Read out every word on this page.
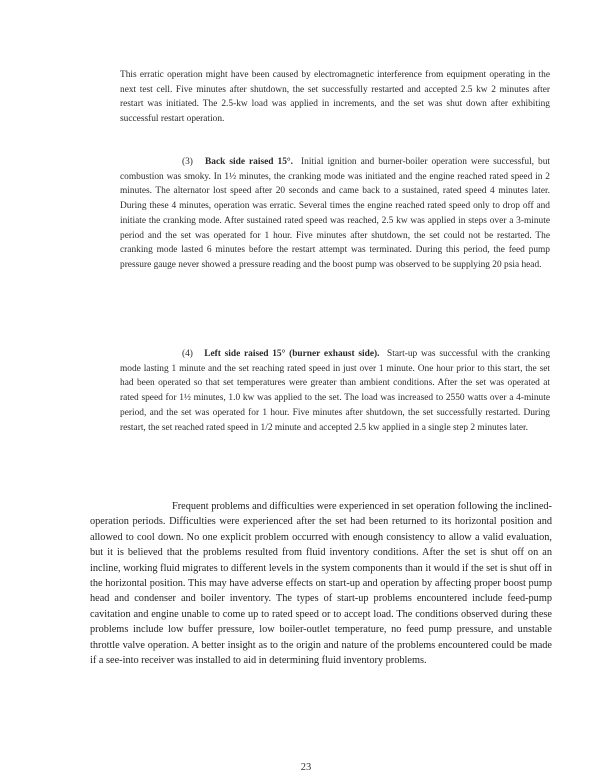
This erratic operation might have been caused by electromagnetic interference from equipment operating in the next test cell. Five minutes after shutdown, the set successfully restarted and accepted 2.5 kw 2 minutes after restart was initiated. The 2.5-kw load was applied in increments, and the set was shut down after exhibiting successful restart operation.

(3) Back side raised 15°. Initial ignition and burner-boiler operation were successful, but combustion was smoky. In 1½ minutes, the cranking mode was initiated and the engine reached rated speed in 2 minutes. The alternator lost speed after 20 seconds and came back to a sustained, rated speed 4 minutes later. During these 4 minutes, operation was erratic. Several times the engine reached rated speed only to drop off and initiate the cranking mode. After sustained rated speed was reached, 2.5 kw was applied in steps over a 3-minute period and the set was operated for 1 hour. Five minutes after shutdown, the set could not be restarted. The cranking mode lasted 6 minutes before the restart attempt was terminated. During this period, the feed pump pressure gauge never showed a pressure reading and the boost pump was observed to be supplying 20 psia head.

(4) Left side raised 15° (burner exhaust side). Start-up was successful with the cranking mode lasting 1 minute and the set reaching rated speed in just over 1 minute. One hour prior to this start, the set had been operated so that set temperatures were greater than ambient conditions. After the set was operated at rated speed for 1½ minutes, 1.0 kw was applied to the set. The load was increased to 2550 watts over a 4-minute period, and the set was operated for 1 hour. Five minutes after shutdown, the set successfully restarted. During restart, the set reached rated speed in 1/2 minute and accepted 2.5 kw applied in a single step 2 minutes later.

Frequent problems and difficulties were experienced in set operation following the inclined-operation periods. Difficulties were experienced after the set had been returned to its horizontal position and allowed to cool down. No one explicit problem occurred with enough consistency to allow a valid evaluation, but it is believed that the problems resulted from fluid inventory conditions. After the set is shut off on an incline, working fluid migrates to different levels in the system components than it would if the set is shut off in the horizontal position. This may have adverse effects on start-up and operation by affecting proper boost pump head and condenser and boiler inventory. The types of start-up problems encountered include feed-pump cavitation and engine unable to come up to rated speed or to accept load. The conditions observed during these problems include low buffer pressure, low boiler-outlet temperature, no feed pump pressure, and unstable throttle valve operation. A better insight as to the origin and nature of the problems encountered could be made if a see-into receiver was installed to aid in determining fluid inventory problems.

23
